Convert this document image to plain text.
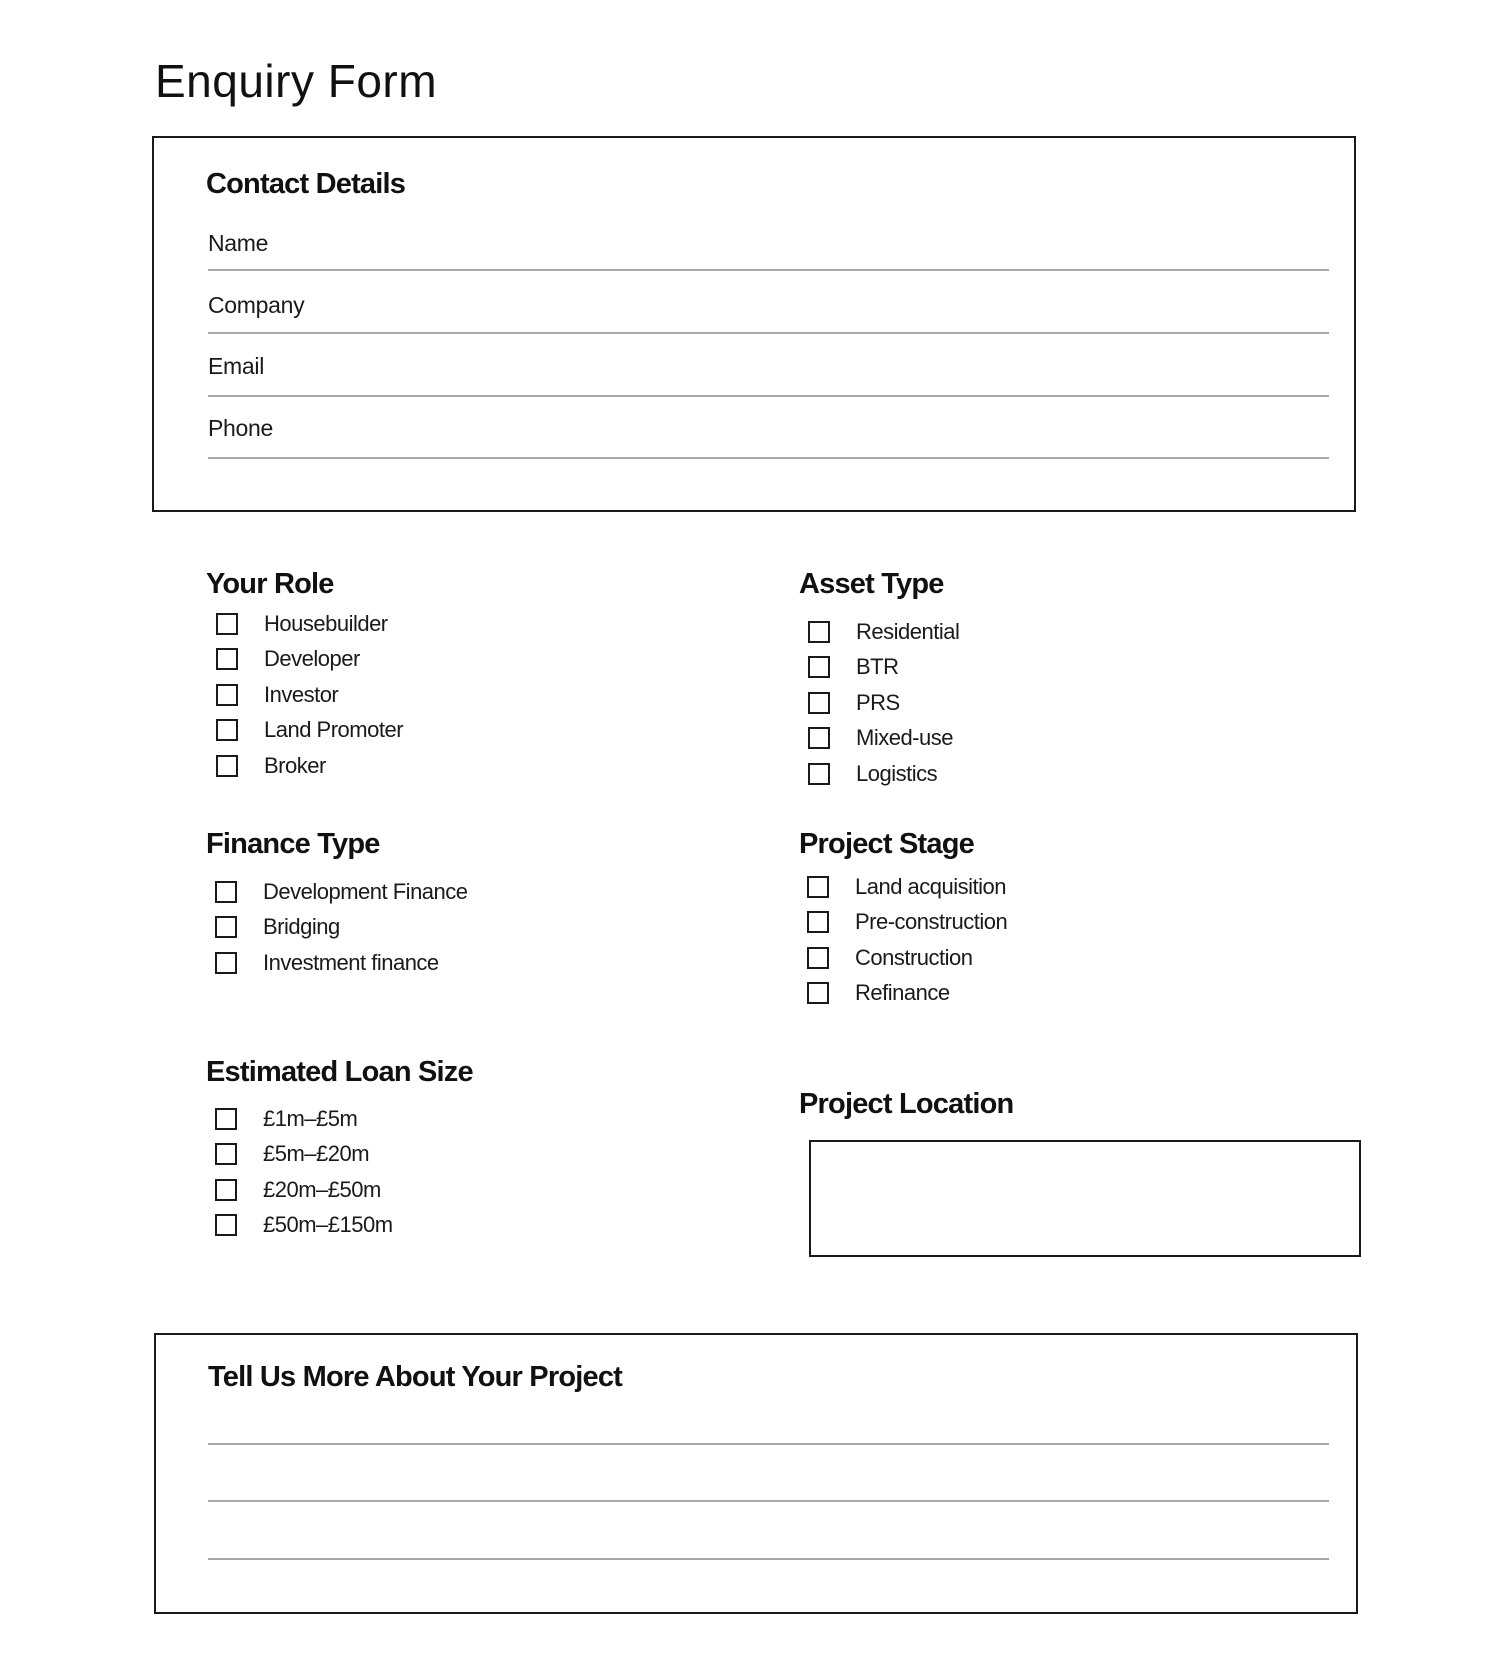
Enquiry Form
Contact Details
Name
Company
Email
Phone
Your Role
Housebuilder
Developer
Investor
Land Promoter
Broker
Asset Type
Residential
BTR
PRS
Mixed-use
Logistics
Finance Type
Development Finance
Bridging
Investment finance
Project Stage
Land acquisition
Pre-construction
Construction
Refinance
Estimated Loan Size
£1m–£5m
£5m–£20m
£20m–£50m
£50m–£150m
Project Location
Tell Us More About Your Project
